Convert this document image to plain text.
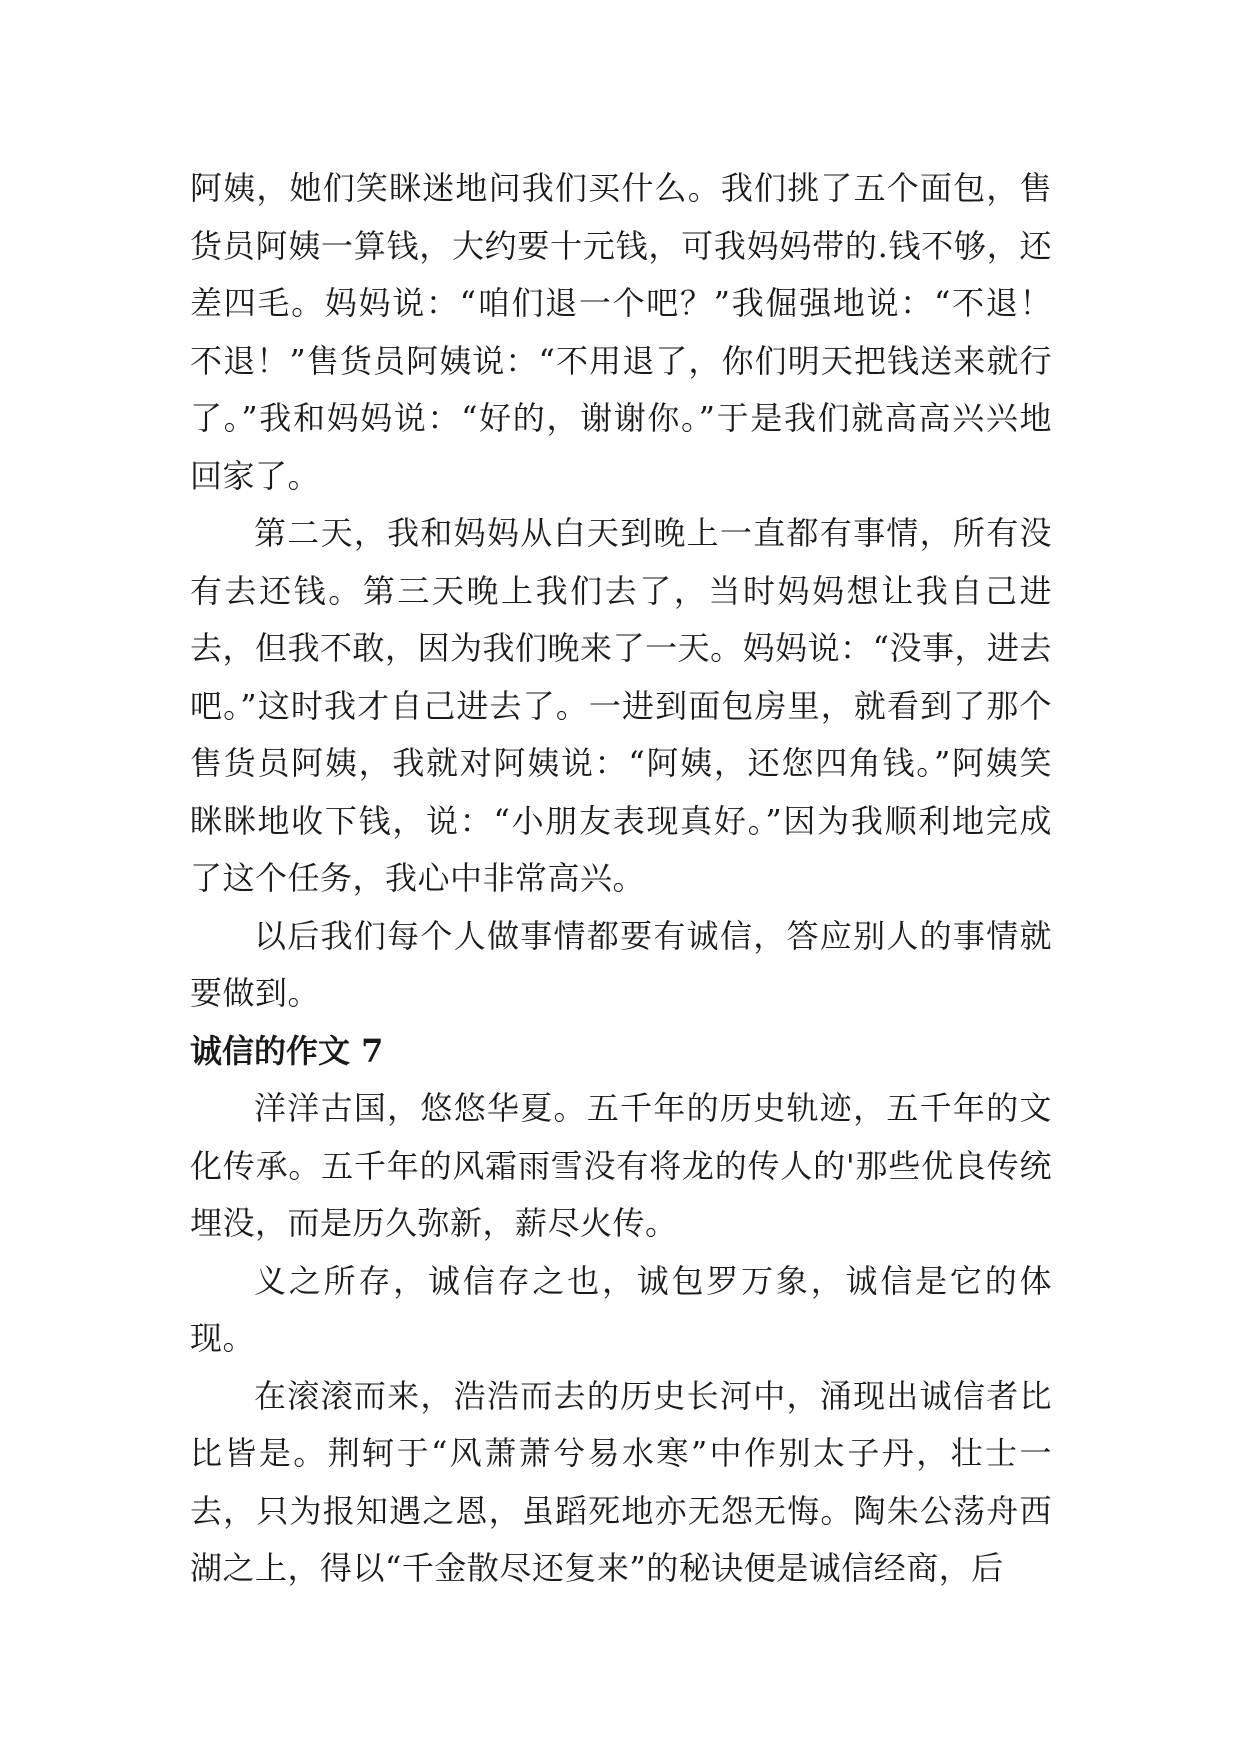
阿姨，她们笑眯迷地问我们买什么。我们挑了五个面包，售货员阿姨一算钱，大约要十元钱，可我妈妈带的.钱不够，还差四毛。妈妈说：“咱们退一个吧？”我倔强地说：“不退！不退！”售货员阿姨说：“不用退了，你们明天把钱送来就行了。”我和妈妈说：“好的，谢谢你。”于是我们就高高兴兴地回家了。

第二天，我和妈妈从白天到晚上一直都有事情，所有没有去还钱。第三天晚上我们去了，当时妈妈想让我自己进去，但我不敢，因为我们晚来了一天。妈妈说：“没事，进去吧。”这时我才自己进去了。一进到面包房里，就看到了那个售货员阿姨，我就对阿姨说：“阿姨，还您四角钱。”阿姨笑眯眯地收下钱，说：“小朋友表现真好。”因为我顺利地完成了这个任务，我心中非常高兴。

以后我们每个人做事情都要有诚信，答应别人的事情就要做到。

诚信的作文 7

洋洋古国，悠悠华夏。五千年的历史轨迹，五千年的文化传承。五千年的风霜雨雪没有将龙的传人的'那些优良传统埋没，而是历久弥新，薪尽火传。

义之所存，诚信存之也，诚包罗万象，诚信是它的体现。

在滚滚而来，浩浩而去的历史长河中，涌现出诚信者比比皆是。荆轲于“风萧萧兮易水寒”中作别太子丹，壮士一去，只为报知遇之恩，虽蹈死地亦无怨无悔。陶朱公荡舟西湖之上，得以“千金散尽还复来”的秘诀便是诚信经商，后
